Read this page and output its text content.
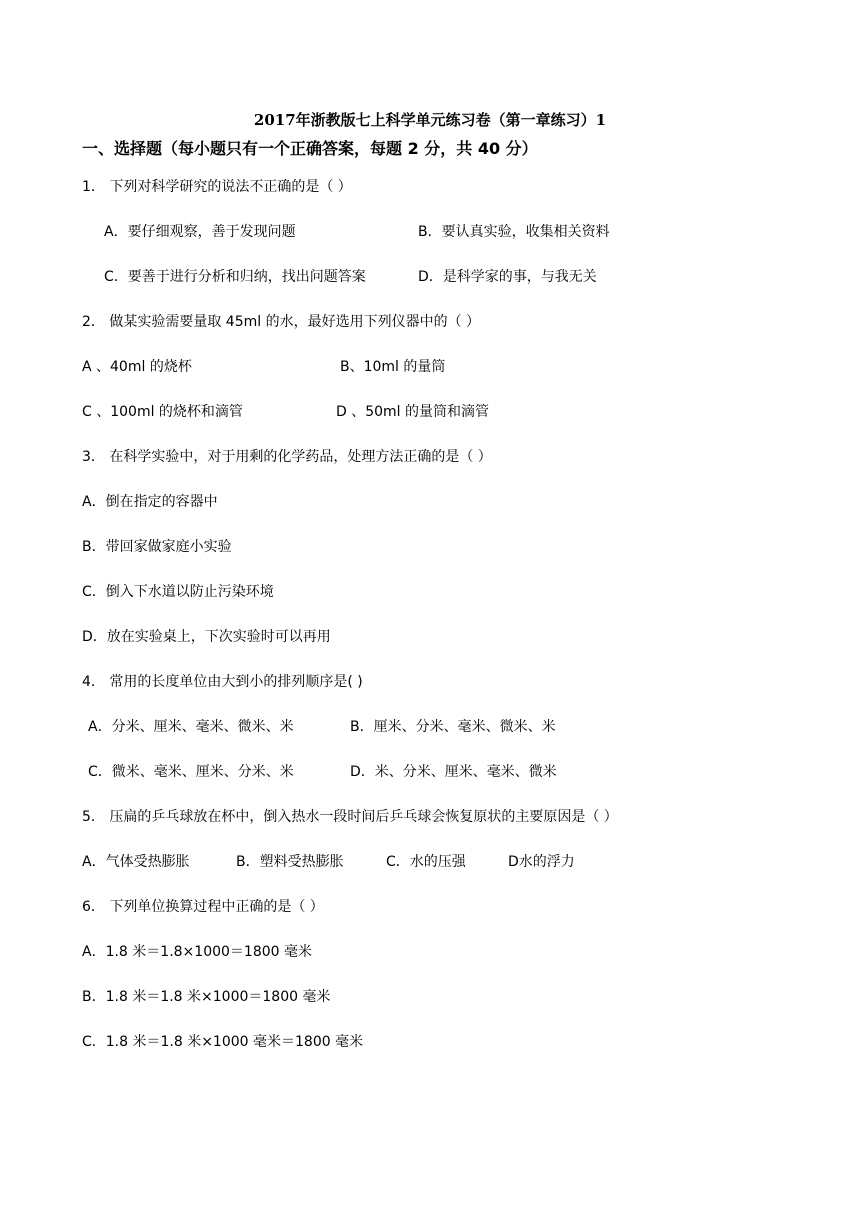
2017年浙教版七上科学单元练习卷（第一章练习）1
一、选择题（每小题只有一个正确答案，每题 2 分，共 40 分）
1． 下列对科学研究的说法不正确的是（ ）
A．要仔细观察，善于发现问题	B．要认真实验，收集相关资料
C．要善于进行分析和归纳，找出问题答案	D．是科学家的事，与我无关
2． 做某实验需要量取 45ml 的水，最好选用下列仪器中的（ ）
A 、40ml 的烧杯	B、10ml 的量筒
C 、100ml 的烧杯和滴管	D 、50ml 的量筒和滴管
3． 在科学实验中，对于用剩的化学药品，处理方法正确的是（ ）
A．倒在指定的容器中
B．带回家做家庭小实验
C．倒入下水道以防止污染环境
D．放在实验桌上，下次实验时可以再用
4． 常用的长度单位由大到小的排列顺序是( )
A．分米、厘米、毫米、微米、米	B．厘米、分米、毫米、微米、米
C．微米、毫米、厘米、分米、米	D．米、分米、厘米、毫米、微米
5． 压扁的乒乓球放在杯中，倒入热水一段时间后乒乓球会恢复原状的主要原因是（ ）
A．气体受热膨胀	B．塑料受热膨胀	C．水的压强	D水的浮力
6． 下列单位换算过程中正确的是（ ）
A．1.8 米＝1.8×1000＝1800 毫米
B．1.8 米＝1.8 米×1000＝1800 毫米
C．1.8 米＝1.8 米×1000 毫米＝1800 毫米
